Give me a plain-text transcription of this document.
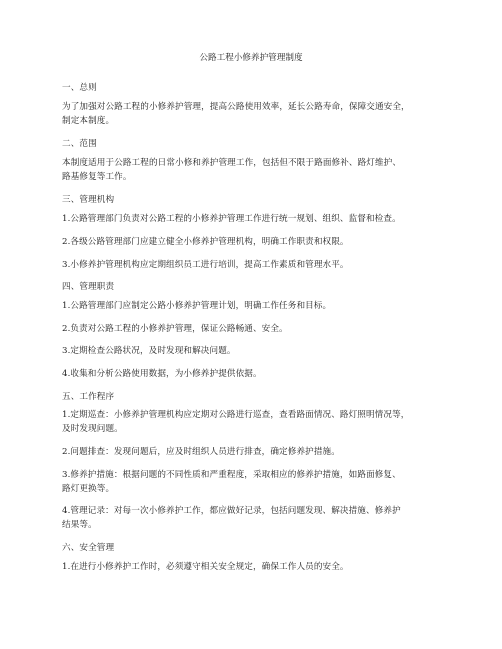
公路工程小修养护管理制度
一、总则
为了加强对公路工程的小修养护管理，提高公路使用效率，延长公路寿命，保障交通安全，
制定本制度。
二、范围
本制度适用于公路工程的日常小修和养护管理工作，包括但不限于路面修补、路灯维护、
路基修复等工作。
三、管理机构
1.公路管理部门负责对公路工程的小修养护管理工作进行统一规划、组织、监督和检查。
2.各级公路管理部门应建立健全小修养护管理机构，明确工作职责和权限。
3.小修养护管理机构应定期组织员工进行培训，提高工作素质和管理水平。
四、管理职责
1.公路管理部门应制定公路小修养护管理计划，明确工作任务和目标。
2.负责对公路工程的小修养护管理，保证公路畅通、安全。
3.定期检查公路状况，及时发现和解决问题。
4.收集和分析公路使用数据，为小修养护提供依据。
五、工作程序
1.定期巡查：小修养护管理机构应定期对公路进行巡查，查看路面情况、路灯照明情况等，
及时发现问题。
2.问题排查：发现问题后，应及时组织人员进行排查，确定修养护措施。
3.修养护措施：根据问题的不同性质和严重程度，采取相应的修养护措施，如路面修复、
路灯更换等。
4.管理记录：对每一次小修养护工作，都应做好记录，包括问题发现、解决措施、修养护
结果等。
六、安全管理
1.在进行小修养护工作时，必须遵守相关安全规定，确保工作人员的安全。
